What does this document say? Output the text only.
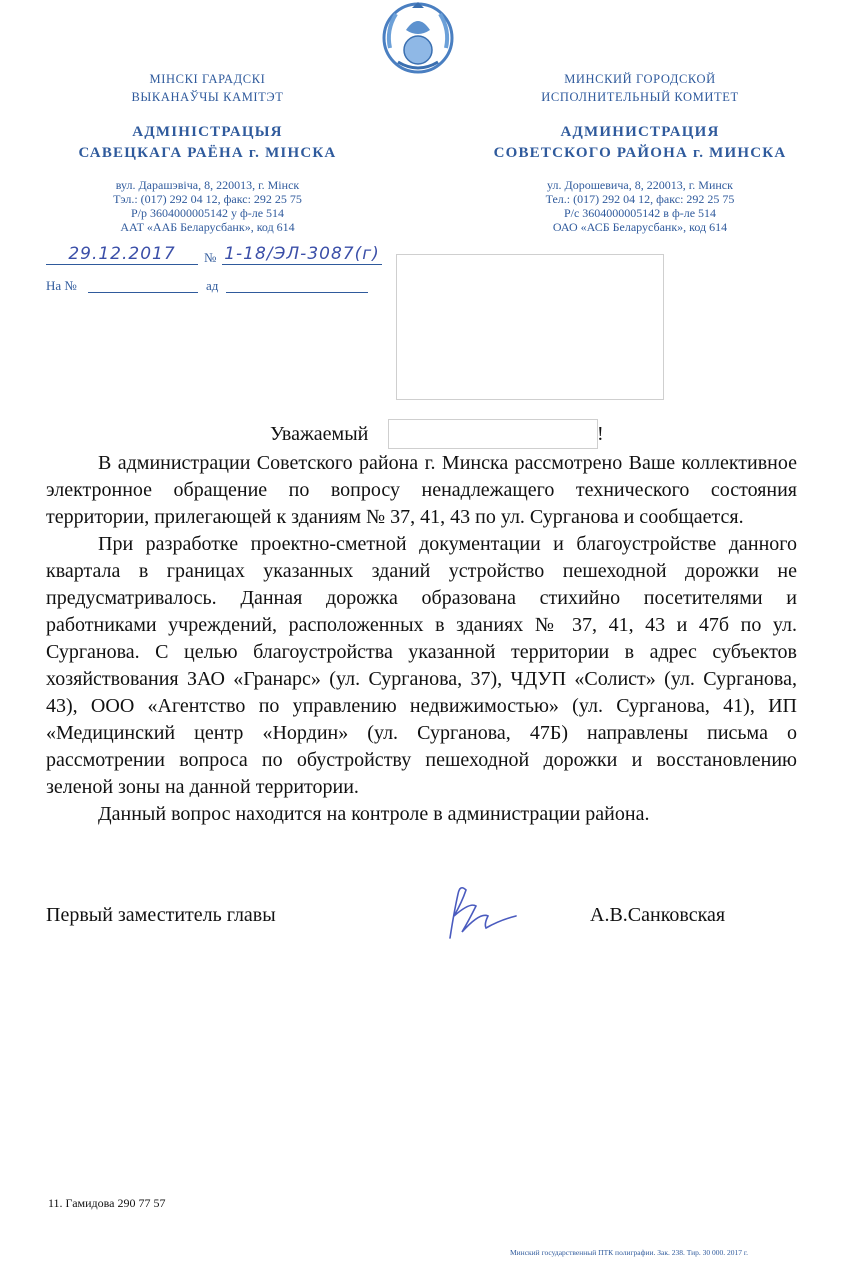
МІНСКІ ГАРАДСКІ
ВЫКАНАЎЧЫ КАМІТЭТ
АДМІНІСТРАЦЫЯ
САВЕЦКАГА РАЁНА г. МІНСКА
вул. Дарашэвіча, 8, 220013, г. Мінск
Тэл.: (017) 292 04 12, факс: 292 25 75
Р/р 3604000005142 у ф-ле 514
ААТ «ААБ Беларусбанк», код 614
МИНСКИЙ ГОРОДСКОЙ
ИСПОЛНИТЕЛЬНЫЙ КОМИТЕТ
АДМИНИСТРАЦИЯ
СОВЕТСКОГО РАЙОНА г. МИНСКА
ул. Дорошевича, 8, 220013, г. Минск
Тел.: (017) 292 04 12, факс: 292 25 75
Р/с 3604000005142 в ф-ле 514
ОАО «АСБ Беларусбанк», код 614
29.12.2017	№ 1-18/ЭЛ-3087(г)
На №	ад
Уважаемый	!

В администрации Советского района г. Минска рассмотрено Ваше коллективное электронное обращение по вопросу ненадлежащего технического состояния территории, прилегающей к зданиям № 37, 41, 43 по ул. Сурганова и сообщается.

При разработке проектно-сметной документации и благоустройстве данного квартала в границах указанных зданий устройство пешеходной дорожки не предусматривалось. Данная дорожка образована стихийно посетителями и работниками учреждений, расположенных в зданиях № 37, 41, 43 и 47б по ул. Сурганова. С целью благоустройства указанной территории в адрес субъектов хозяйствования ЗАО «Гранарс» (ул. Сурганова, 37), ЧДУП «Солист» (ул. Сурганова, 43), ООО «Агентство по управлению недвижимостью» (ул. Сурганова, 41), ИП «Медицинский центр «Нордин» (ул. Сурганова, 47Б) направлены письма о рассмотрении вопроса по обустройству пешеходной дорожки и восстановлению зеленой зоны на данной территории.

Данный вопрос находится на контроле в администрации района.

Первый заместитель главы	А.В.Санковская
11. Гамидова 290 77 57
Минский государственный ПТК полиграфии. Зак. 238. Тир. 30 000. 2017 г.
